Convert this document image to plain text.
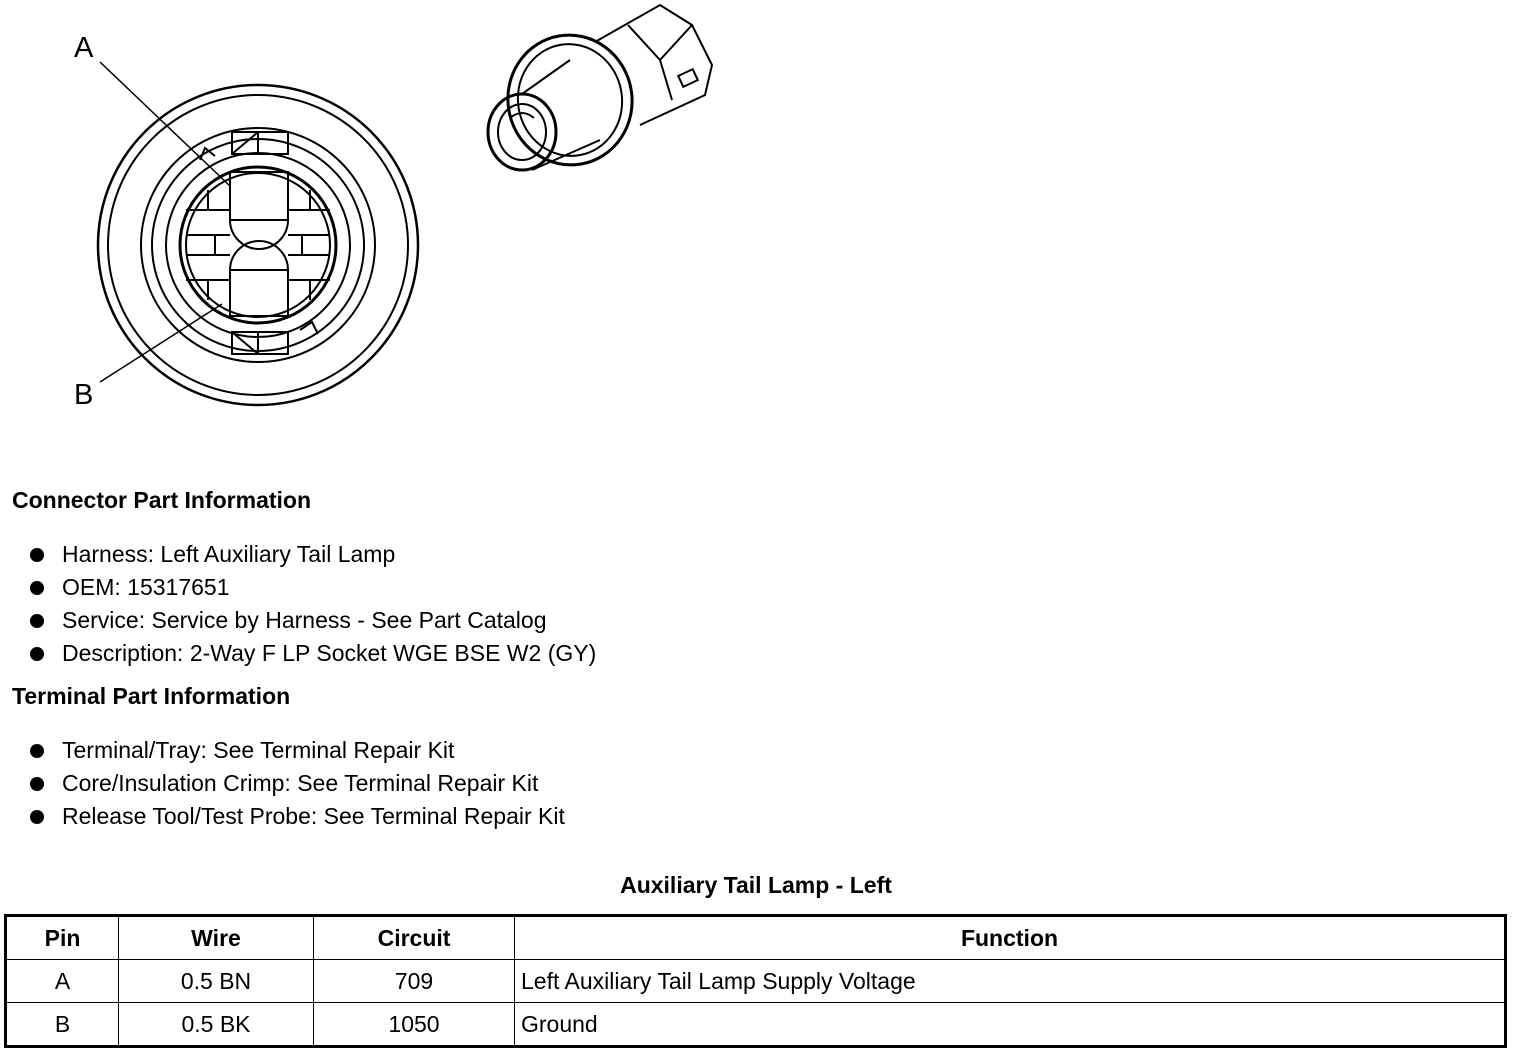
A
B
Connector Part Information
Harness: Left Auxiliary Tail Lamp
OEM: 15317651
Service: Service by Harness - See Part Catalog
Description: 2-Way F LP Socket WGE BSE W2 (GY)
Terminal Part Information
Terminal/Tray: See Terminal Repair Kit
Core/Insulation Crimp: See Terminal Repair Kit
Release Tool/Test Probe: See Terminal Repair Kit
Auxiliary Tail Lamp - Left
Pin	Wire	Circuit	Function
A	0.5 BN	709	Left Auxiliary Tail Lamp Supply Voltage
B	0.5 BK	1050	Ground
